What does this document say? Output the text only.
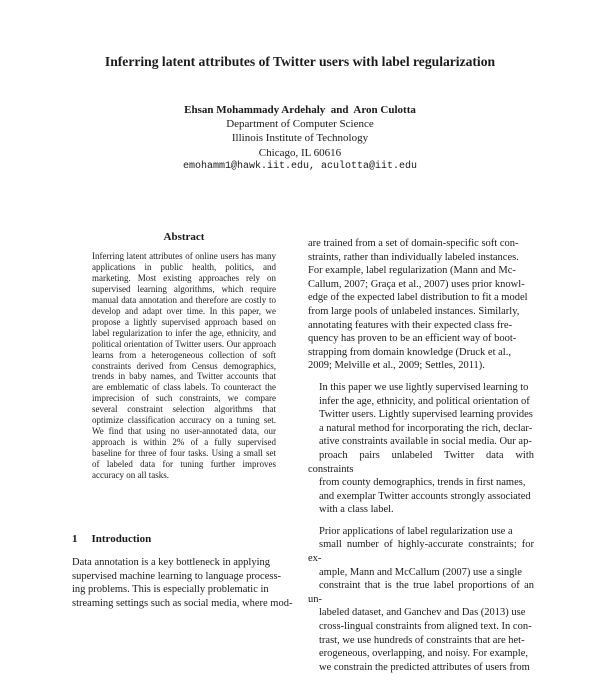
Inferring latent attributes of Twitter users with label regularization
Ehsan Mohammady Ardehaly  and  Aron Culotta
Department of Computer Science
Illinois Institute of Technology
Chicago, IL 60616
emohamm1@hawk.iit.edu, aculotta@iit.edu
Abstract

Inferring latent attributes of online users has many applications in public health, politics, and marketing. Most existing approaches rely on supervised learning algorithms, which require manual data annotation and therefore are costly to develop and adapt over time. In this paper, we propose a lightly supervised approach based on label regularization to infer the age, ethnicity, and political orientation of Twitter users. Our approach learns from a heterogeneous collection of soft constraints derived from Census demographics, trends in baby names, and Twitter accounts that are emblematic of class labels. To counteract the imprecision of such constraints, we compare several constraint selection algorithms that optimize classification accuracy on a tuning set. We find that using no user-annotated data, our approach is within 2% of a fully supervised baseline for three of four tasks. Using a small set of labeled data for tuning further improves accuracy on all tasks.

1 Introduction

Data annotation is a key bottleneck in applying
supervised machine learning to language process-
ing problems. This is especially problematic in
streaming settings such as social media, where mod-

are trained from a set of domain-specific soft con-
straints, rather than individually labeled instances.
For example, label regularization (Mann and Mc-
Callum, 2007; Graça et al., 2007) uses prior knowl-
edge of the expected label distribution to fit a model
from large pools of unlabeled instances. Similarly,
annotating features with their expected class fre-
quency has proven to be an efficient way of boot-
strapping from domain knowledge (Druck et al.,
2009; Melville et al., 2009; Settles, 2011).

In this paper we use lightly supervised learning to
infer the age, ethnicity, and political orientation of
Twitter users. Lightly supervised learning provides
a natural method for incorporating the rich, declar-
ative constraints available in social media. Our ap-
proach pairs unlabeled Twitter data with constraints
from county demographics, trends in first names,
and exemplar Twitter accounts strongly associated
with a class label.

Prior applications of label regularization use a
small number of highly-accurate constraints; for ex-
ample, Mann and McCallum (2007) use a single
constraint that is the true label proportions of an un-
labeled dataset, and Ganchev and Das (2013) use
cross-lingual constraints from aligned text. In con-
trast, we use hundreds of constraints that are het-
erogeneous, overlapping, and noisy. For example,
we constrain the predicted attributes of users from
